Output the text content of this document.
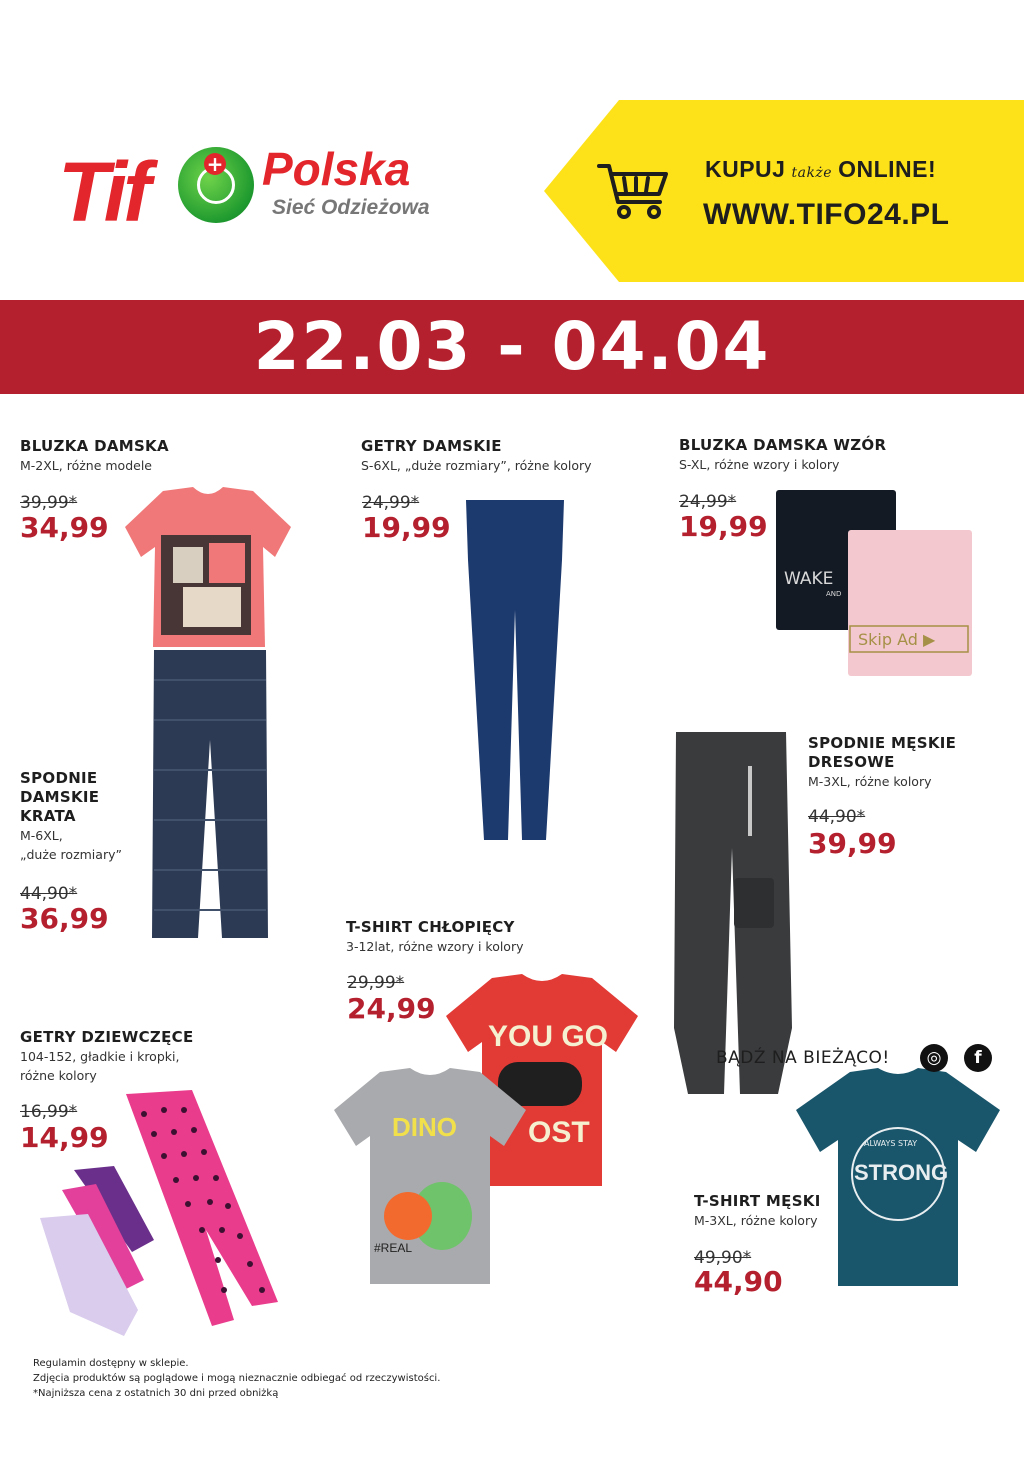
Tif	+ Polska
Sieć Odzieżowa
KUPUJ także ONLINE!
WWW.TIFO24.PL
22.03 - 04.04
WAKE
AND
Skip Ad ▶
YOU GO
OST
DINO
#REAL
ALWAYS STAY
STRONG
BLUZKA DAMSKA
M-2XL, różne modele
39,99*
34,99
GETRY DAMSKIE
S-6XL, „duże rozmiary”, różne kolory
24,99*
19,99
BLUZKA DAMSKA WZÓR
S-XL, różne wzory i kolory
24,99*
19,99
SPODNIE
DAMSKIE
KRATA
M-6XL,
„duże rozmiary”
44,90*
36,99
SPODNIE MĘSKIE
DRESOWE
M-3XL, różne kolory
44,90*
39,99
T-SHIRT CHŁOPIĘCY
3-12lat, różne wzory i kolory
29,99*
24,99
GETRY DZIEWCZĘCE
104-152, gładkie i kropki,
różne kolory
16,99*
14,99
T-SHIRT MĘSKI
M-3XL, różne kolory
49,90*
44,90
Regulamin dostępny w sklepie.
Zdjęcia produktów są poglądowe i mogą nieznacznie odbiegać od rzeczywistości.
*Najniższa cena z ostatnich 30 dni przed obniżką
BĄDŹ NA BIEŻĄCO!	◎	f
